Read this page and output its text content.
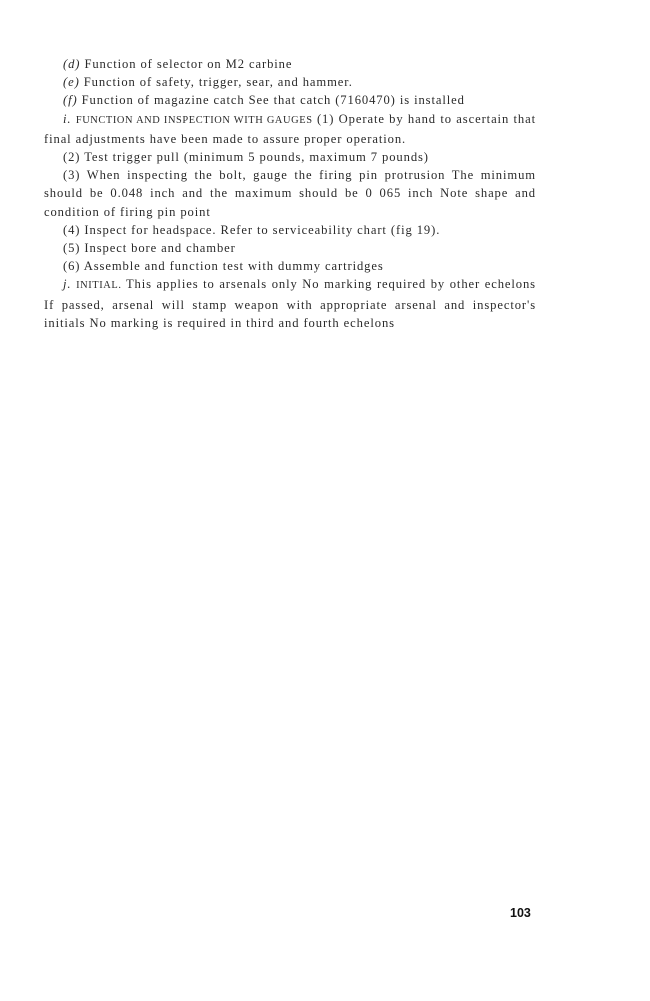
(d) Function of selector on M2 carbine

(e) Function of safety, trigger, sear, and hammer.

(f) Function of magazine catch See that catch (7160470) is installed

i. FUNCTION AND INSPECTION WITH GAUGES (1) Operate by hand to ascertain that final adjustments have been made to assure proper operation.

(2) Test trigger pull (minimum 5 pounds, maximum 7 pounds)

(3) When inspecting the bolt, gauge the firing pin protrusion The minimum should be 0.048 inch and the maximum should be 0 065 inch Note shape and condition of firing pin point

(4) Inspect for headspace. Refer to serviceability chart (fig 19).

(5) Inspect bore and chamber

(6) Assemble and function test with dummy cartridges

j. INITIAL. This applies to arsenals only No marking required by other echelons If passed, arsenal will stamp weapon with appropriate arsenal and inspector's initials No marking is required in third and fourth echelons

103
